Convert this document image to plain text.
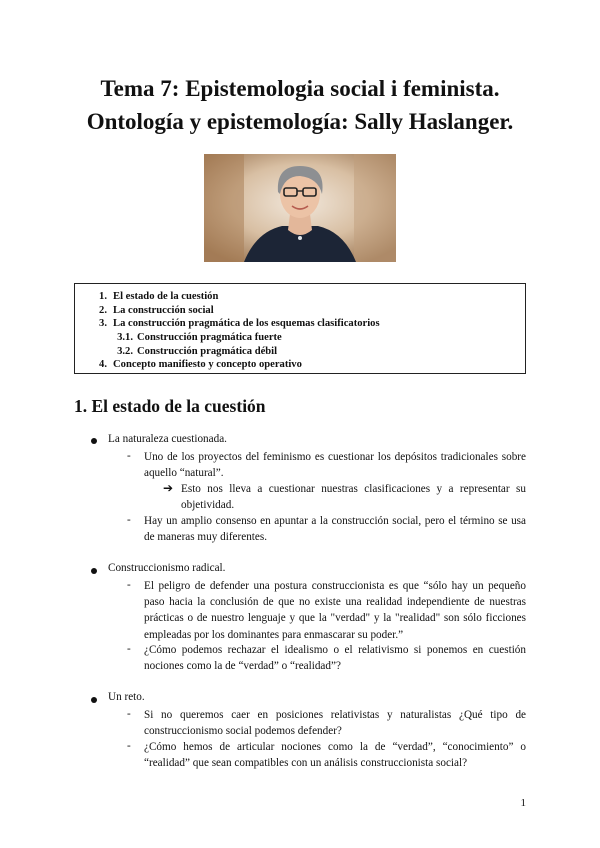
Tema 7: Epistemologia social i feminista.
Ontología y epistemología: Sally Haslanger.
1. El estado de la cuestión
2. La construcción social
3. La construcción pragmática de los esquemas clasificatorios
3.1. Construcción pragmática fuerte
3.2. Construcción pragmática débil
4. Concepto manifiesto y concepto operativo
1. El estado de la cuestión
La naturaleza cuestionada.
- Uno de los proyectos del feminismo es cuestionar los depósitos tradicionales sobre aquello “natural”.
➔ Esto nos lleva a cuestionar nuestras clasificaciones y a representar su objetividad.
- Hay un amplio consenso en apuntar a la construcción social, pero el término se usa de maneras muy diferentes.
Construccionismo radical.
- El peligro de defender una postura construccionista es que “sólo hay un pequeño paso hacia la conclusión de que no existe una realidad independiente de nuestras prácticas o de nuestro lenguaje y que la "verdad" y la "realidad" son sólo ficciones empleadas por los dominantes para enmascarar su poder.”
- ¿Cómo podemos rechazar el idealismo o el relativismo si ponemos en cuestión nociones como la de “verdad” o “realidad”?
Un reto.
- Si no queremos caer en posiciones relativistas y naturalistas ¿Qué tipo de construccionismo social podemos defender?
- ¿Cómo hemos de articular nociones como la de “verdad”, “conocimiento” o “realidad” que sean compatibles con un análisis construccionista social?
1
